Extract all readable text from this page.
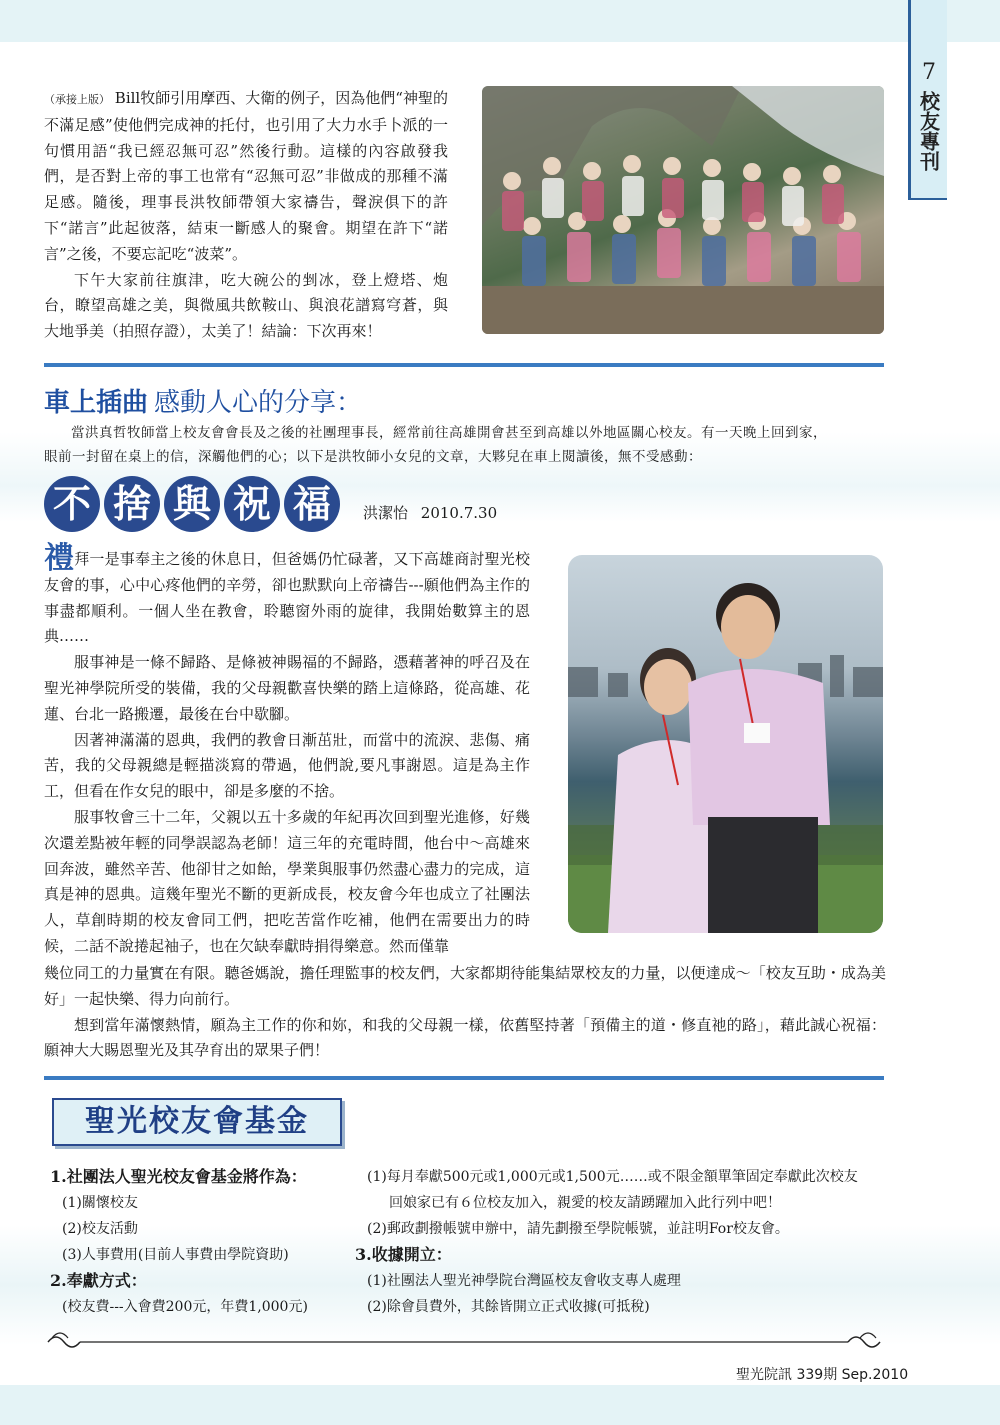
7
校友專刊

（承接上版） Bill牧師引用摩西、大衛的例子，因為他們“神聖的不滿足感”使他們完成神的托付，也引用了大力水手卜派的一句慣用語“我已經忍無可忍”然後行動。這樣的內容啟發我們，是否對上帝的事工也常有“忍無可忍”非做成的那種不滿足感。隨後，理事長洪牧師帶領大家禱告，聲淚俱下的許下“諾言”此起彼落，結束一斷感人的聚會。期望在許下“諾言”之後，不要忘記吃“波菜”。

下午大家前往旗津，吃大碗公的剉冰，登上燈塔、炮台，瞭望高雄之美，與微風共飲鞍山、與浪花譜寫穹蒼，與大地爭美（拍照存證），太美了！結論：下次再來！

車上插曲 感動人心的分享：

當洪真哲牧師當上校友會會長及之後的社團理事長，經常前往高雄開會甚至到高雄以外地區關心校友。有一天晚上回到家，

眼前一封留在桌上的信，深觸他們的心；以下是洪牧師小女兒的文章，大夥兒在車上閱讀後，無不受感動：

不 捨 與 祝 福	洪潔怡 2010.7.30

禮拜一是事奉主之後的休息日，但爸媽仍忙碌著，又下高雄商討聖光校友會的事，心中心疼他們的辛勞，卻也默默向上帝禱告---願他們為主作的事盡都順利。一個人坐在教會，聆聽窗外雨的旋律，我開始數算主的恩典……

服事神是一條不歸路、是條被神賜福的不歸路，憑藉著神的呼召及在聖光神學院所受的裝備，我的父母親歡喜快樂的踏上這條路，從高雄、花蓮、台北一路搬遷，最後在台中歇腳。

因著神滿滿的恩典，我們的教會日漸茁壯，而當中的流淚、悲傷、痛苦，我的父母親總是輕描淡寫的帶過，他們說,要凡事謝恩。這是為主作工，但看在作女兒的眼中，卻是多麼的不捨。

服事牧會三十二年，父親以五十多歲的年紀再次回到聖光進修，好幾次還差點被年輕的同學誤認為老師！這三年的充電時間，他台中～高雄來回奔波，雖然辛苦、他卻甘之如飴，學業與服事仍然盡心盡力的完成，這真是神的恩典。這幾年聖光不斷的更新成長，校友會今年也成立了社團法人，草創時期的校友會同工們，把吃苦當作吃補，他們在需要出力的時候，二話不說捲起袖子，也在欠缺奉獻時捐得樂意。然而僅靠

幾位同工的力量實在有限。聽爸媽說，擔任理監事的校友們，大家都期待能集結眾校友的力量，以便達成～「校友互助・成為美好」一起快樂、得力向前行。

想到當年滿懷熱情，願為主工作的你和妳，和我的父母親一樣，依舊堅持著「預備主的道・修直祂的路」，藉此誠心祝福：願神大大賜恩聖光及其孕育出的眾果子們！

聖光校友會基金
1.社團法人聖光校友會基金將作為：
(1)關懷校友
(2)校友活動
(3)人事費用(目前人事費由學院資助)
2.奉獻方式：
(校友費---入會費200元，年費1,000元)
(1)每月奉獻500元或1,000元或1,500元……或不限金額單筆固定奉獻此次校友
回娘家已有６位校友加入，親愛的校友請踴躍加入此行列中吧！
(2)郵政劃撥帳號申辦中，請先劃撥至學院帳號，並註明For校友會。
3.收據開立：
(1)社團法人聖光神學院台灣區校友會收支專人處理
(2)除會員費外，其餘皆開立正式收據(可抵稅)
聖光院訊 339期 Sep.2010
